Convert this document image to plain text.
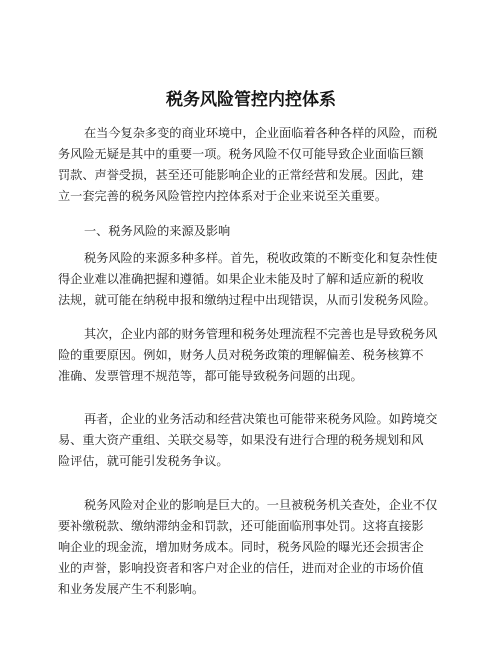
税务风险管控内控体系
在当今复杂多变的商业环境中，企业面临着各种各样的风险，而税
务风险无疑是其中的重要一项。税务风险不仅可能导致企业面临巨额
罚款、声誉受损，甚至还可能影响企业的正常经营和发展。因此，建
立一套完善的税务风险管控内控体系对于企业来说至关重要。
一、税务风险的来源及影响
税务风险的来源多种多样。首先，税收政策的不断变化和复杂性使
得企业难以准确把握和遵循。如果企业未能及时了解和适应新的税收
法规，就可能在纳税申报和缴纳过程中出现错误，从而引发税务风险。
其次，企业内部的财务管理和税务处理流程不完善也是导致税务风
险的重要原因。例如，财务人员对税务政策的理解偏差、税务核算不
准确、发票管理不规范等，都可能导致税务问题的出现。
再者，企业的业务活动和经营决策也可能带来税务风险。如跨境交
易、重大资产重组、关联交易等，如果没有进行合理的税务规划和风
险评估，就可能引发税务争议。
税务风险对企业的影响是巨大的。一旦被税务机关查处，企业不仅
要补缴税款、缴纳滞纳金和罚款，还可能面临刑事处罚。这将直接影
响企业的现金流，增加财务成本。同时，税务风险的曝光还会损害企
业的声誉，影响投资者和客户对企业的信任，进而对企业的市场价值
和业务发展产生不利影响。
